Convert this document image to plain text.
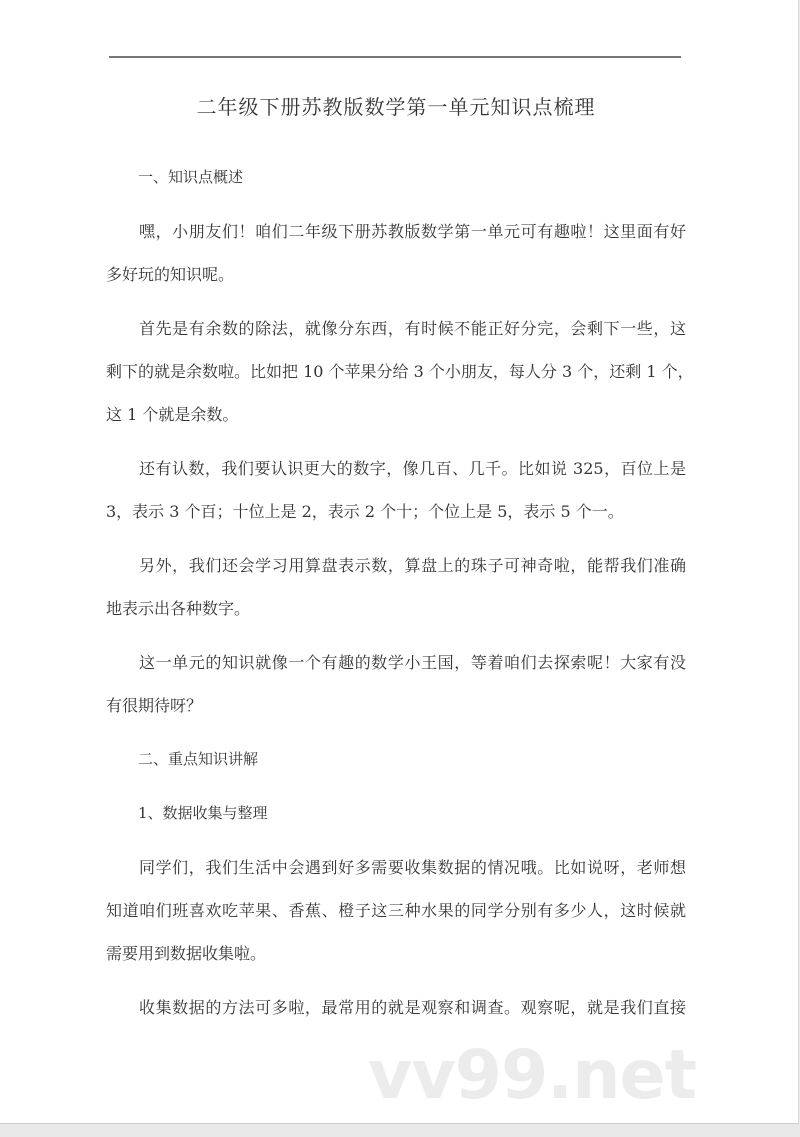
二年级下册苏教版数学第一单元知识点梳理
一、知识点概述
嘿，小朋友们！咱们二年级下册苏教版数学第一单元可有趣啦！这里面有好
多好玩的知识呢。
首先是有余数的除法，就像分东西，有时候不能正好分完，会剩下一些，这
剩下的就是余数啦。比如把 10 个苹果分给 3 个小朋友，每人分 3 个，还剩 1 个，
这 1 个就是余数。
还有认数，我们要认识更大的数字，像几百、几千。比如说 325，百位上是
3，表示 3 个百；十位上是 2，表示 2 个十；个位上是 5，表示 5 个一。
另外，我们还会学习用算盘表示数，算盘上的珠子可神奇啦，能帮我们准确
地表示出各种数字。
这一单元的知识就像一个有趣的数学小王国，等着咱们去探索呢！大家有没
有很期待呀？
二、重点知识讲解
1、数据收集与整理
同学们，我们生活中会遇到好多需要收集数据的情况哦。比如说呀，老师想
知道咱们班喜欢吃苹果、香蕉、橙子这三种水果的同学分别有多少人，这时候就
需要用到数据收集啦。
收集数据的方法可多啦，最常用的就是观察和调查。观察呢，就是我们直接
vv99.net
